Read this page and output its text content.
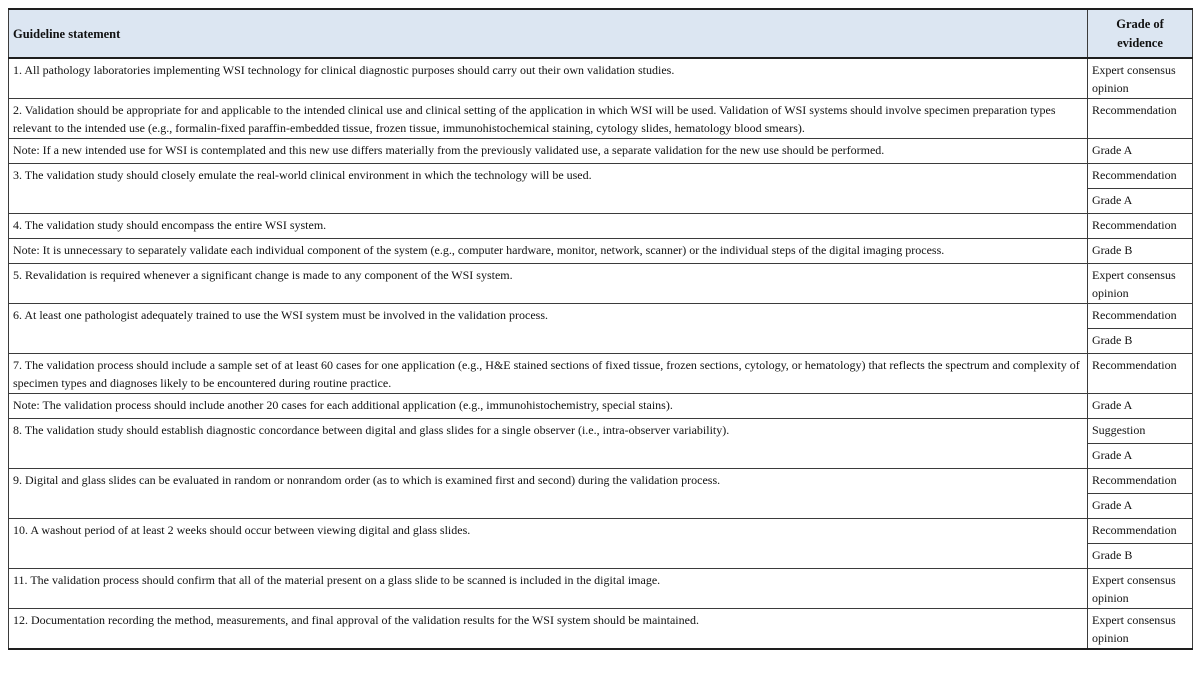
Guideline statement	Grade of evidence
1. All pathology laboratories implementing WSI technology for clinical diagnostic purposes should carry out their own validation studies.	Expert consensus opinion
2. Validation should be appropriate for and applicable to the intended clinical use and clinical setting of the application in which WSI will be used. Validation of WSI systems should involve specimen preparation types relevant to the intended use (e.g., formalin-fixed paraffin-embedded tissue, frozen tissue, immunohistochemical staining, cytology slides, hematology blood smears).	Recommendation
Note: If a new intended use for WSI is contemplated and this new use differs materially from the previously validated use, a separate validation for the new use should be performed.	Grade A
3. The validation study should closely emulate the real-world clinical environment in which the technology will be used.	Recommendation
	Grade A
4. The validation study should encompass the entire WSI system.	Recommendation
Note: It is unnecessary to separately validate each individual component of the system (e.g., computer hardware, monitor, network, scanner) or the individual steps of the digital imaging process.	Grade B
5. Revalidation is required whenever a significant change is made to any component of the WSI system.	Expert consensus opinion
6. At least one pathologist adequately trained to use the WSI system must be involved in the validation process.	Recommendation
	Grade B
7. The validation process should include a sample set of at least 60 cases for one application (e.g., H&E stained sections of fixed tissue, frozen sections, cytology, or hematology) that reflects the spectrum and complexity of specimen types and diagnoses likely to be encountered during routine practice.	Recommendation
Note: The validation process should include another 20 cases for each additional application (e.g., immunohistochemistry, special stains).	Grade A
8. The validation study should establish diagnostic concordance between digital and glass slides for a single observer (i.e., intra-observer variability).	Suggestion
	Grade A
9. Digital and glass slides can be evaluated in random or nonrandom order (as to which is examined first and second) during the validation process.	Recommendation
	Grade A
10. A washout period of at least 2 weeks should occur between viewing digital and glass slides.	Recommendation
	Grade B
11. The validation process should confirm that all of the material present on a glass slide to be scanned is included in the digital image.	Expert consensus opinion
12. Documentation recording the method, measurements, and final approval of the validation results for the WSI system should be maintained.	Expert consensus opinion
